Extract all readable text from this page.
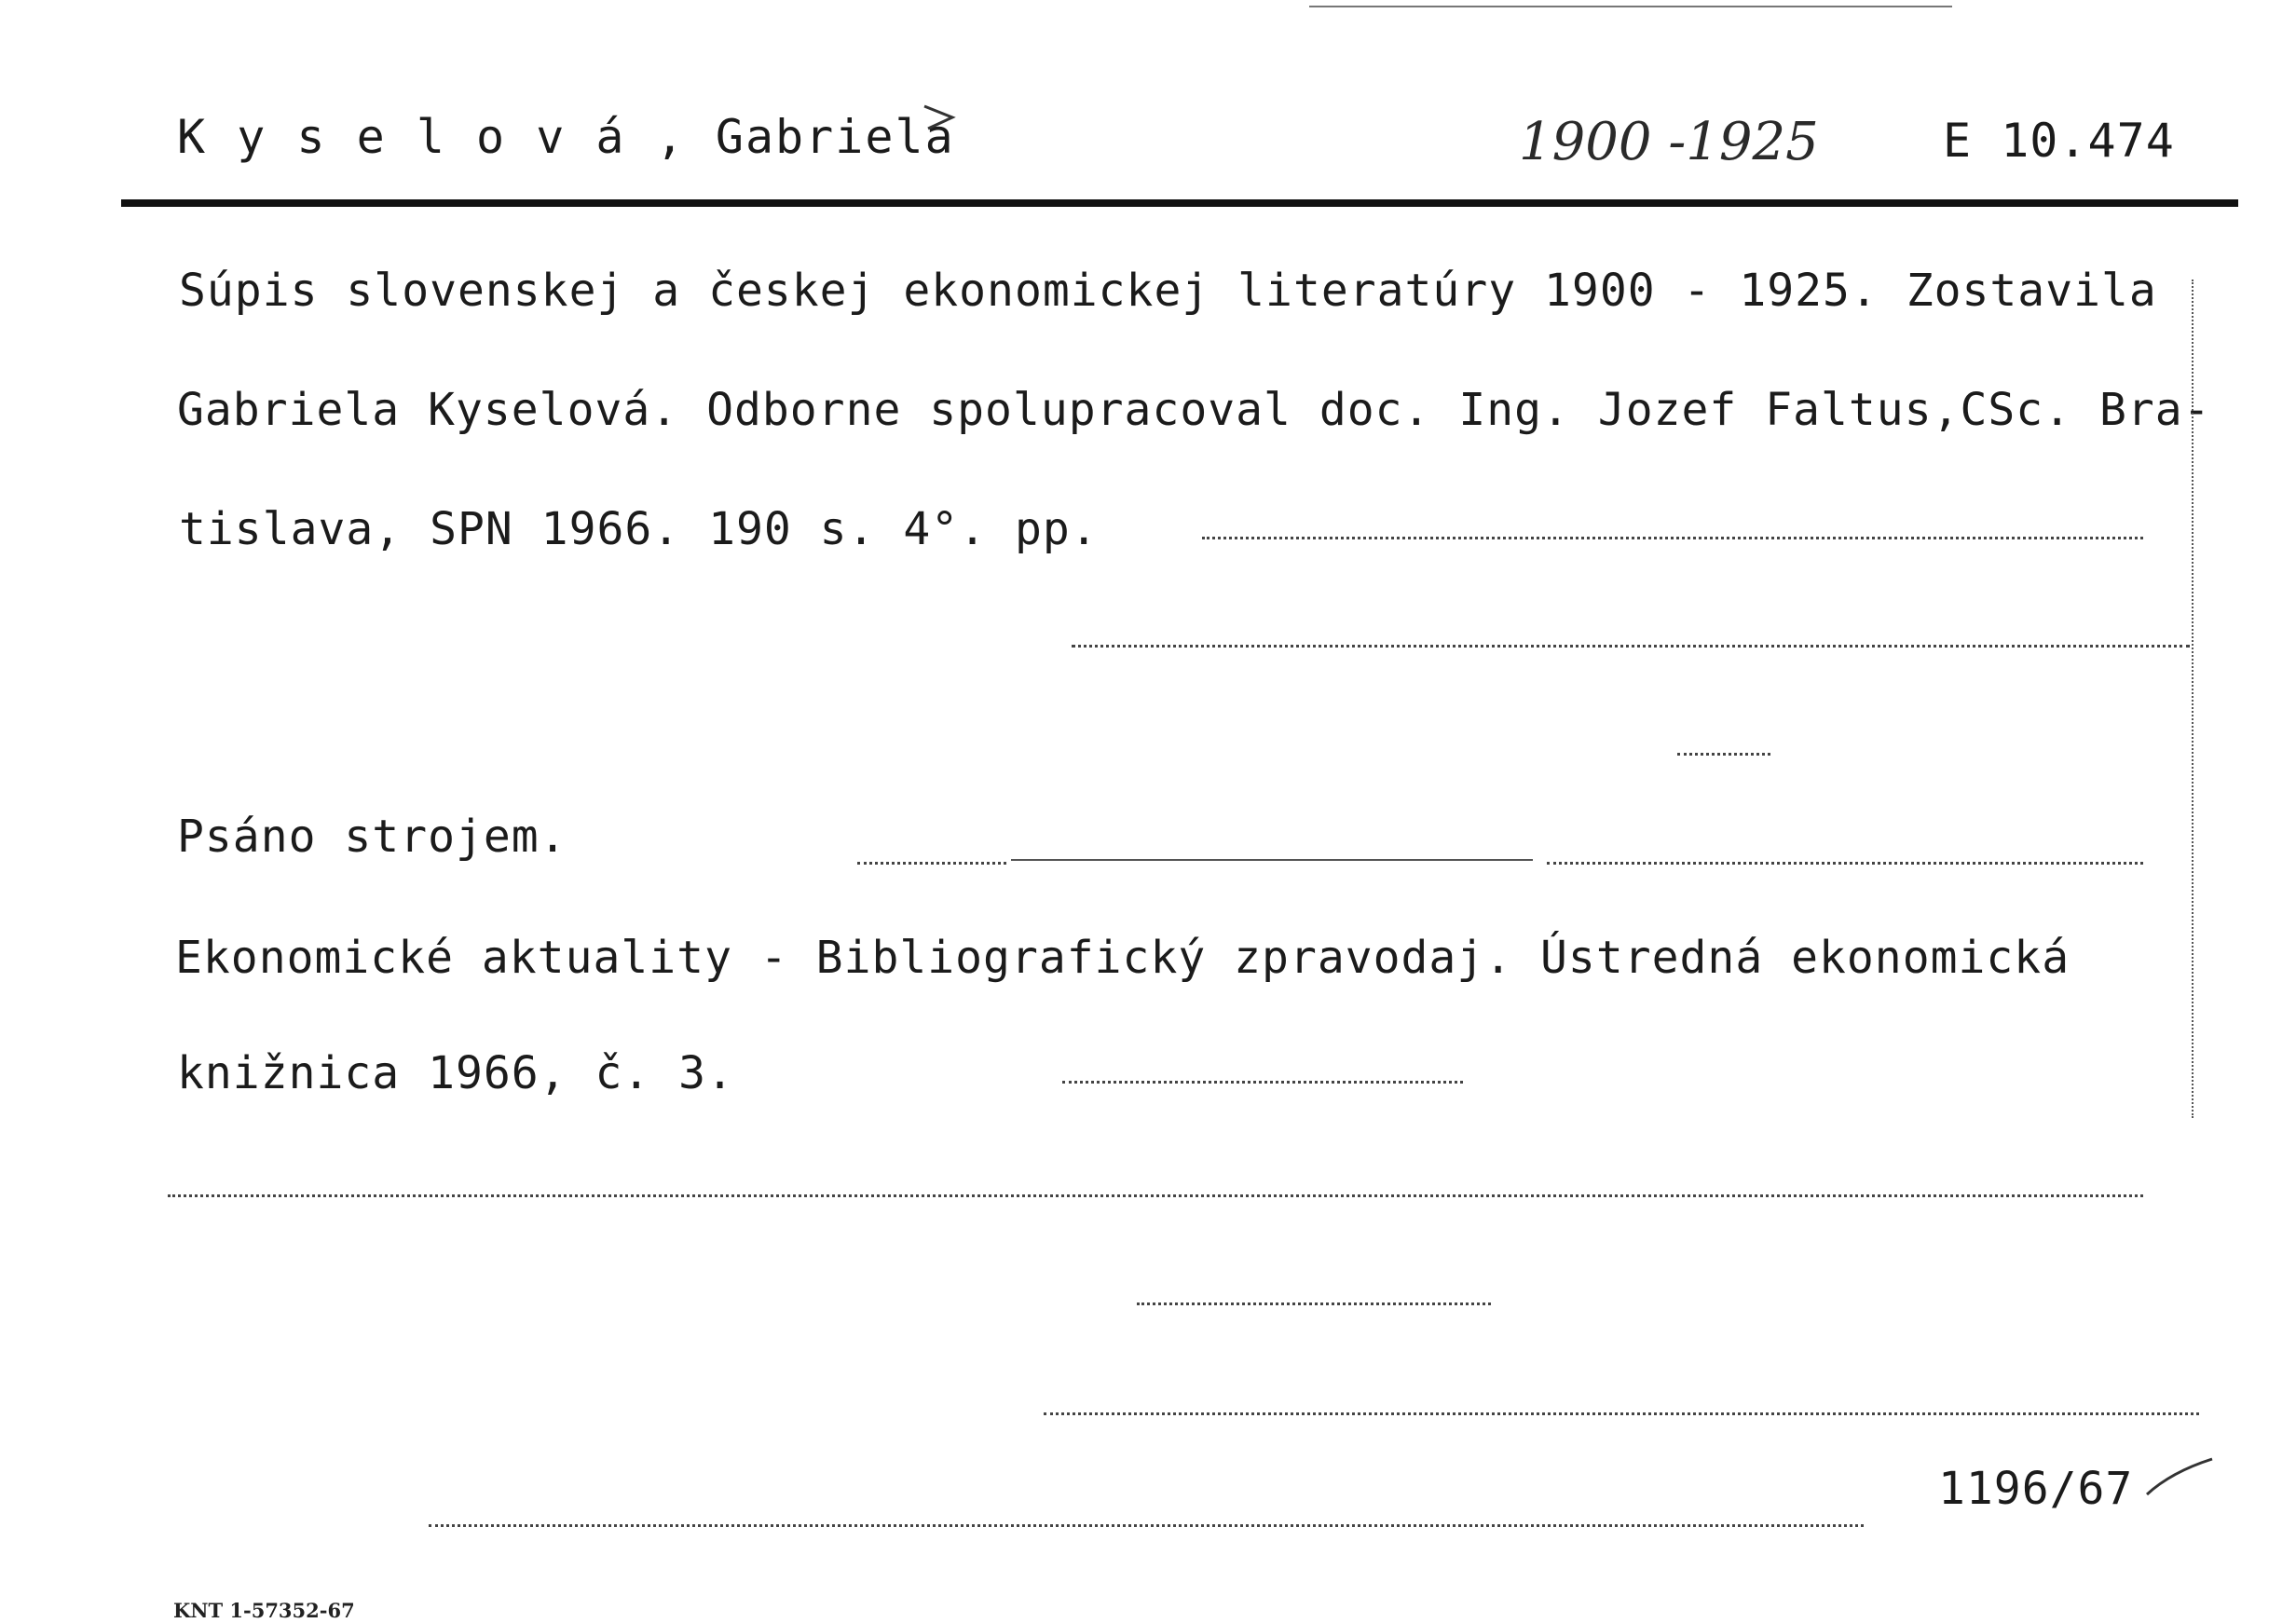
K y s e l o v á , Gabriela	1900 -1925	E 10.474
Súpis slovenskej a českej ekonomickej literatúry 1900 - 1925. Zostavila
Gabriela Kyselová. Odborne spolupracoval doc. Ing. Jozef Faltus,CSc. Bra-
tislava, SPN 1966. 190 s. 4°. pp.
Psáno strojem.
Ekonomické aktuality - Bibliografický zpravodaj. Ústredná ekonomická
knižnica 1966, č. 3.
1196/67
KNT 1-57352-67
